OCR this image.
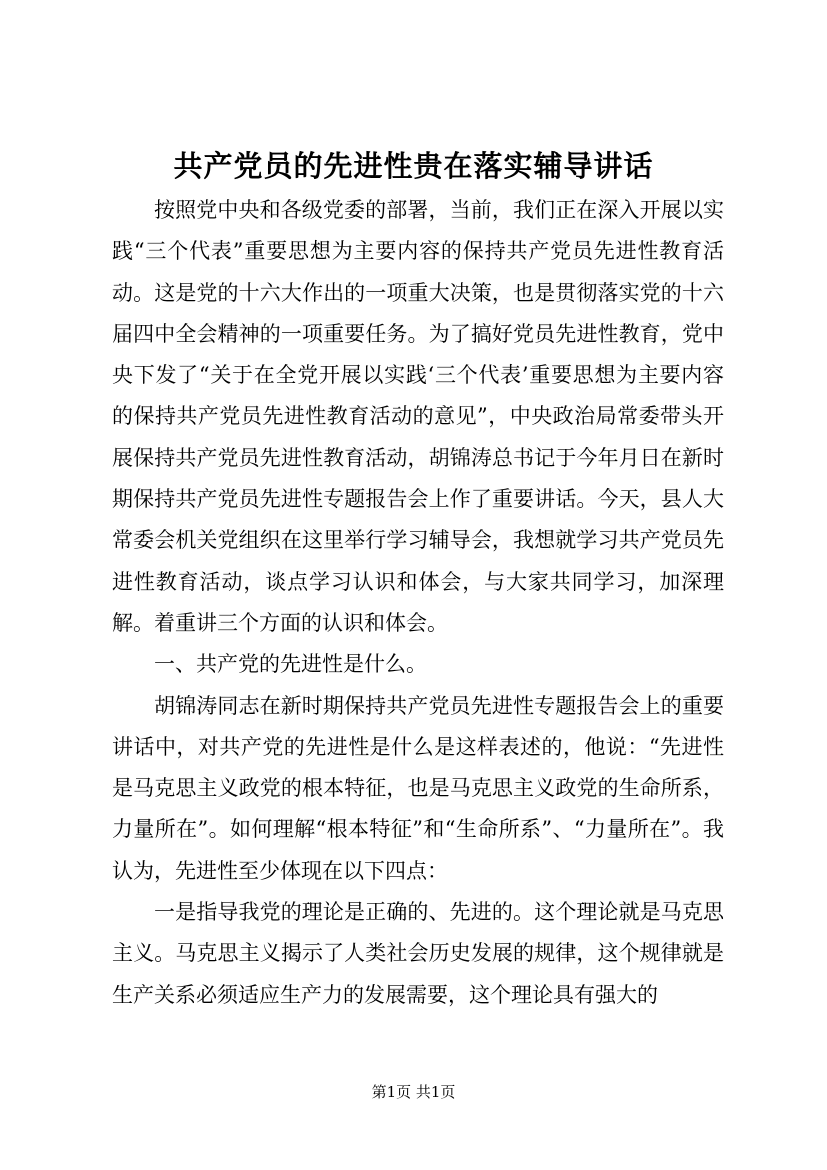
共产党员的先进性贵在落实辅导讲话

按照党中央和各级党委的部署，当前，我们正在深入开展以实践“三个代表”重要思想为主要内容的保持共产党员先进性教育活动。这是党的十六大作出的一项重大决策，也是贯彻落实党的十六届四中全会精神的一项重要任务。为了搞好党员先进性教育，党中央下发了“关于在全党开展以实践‘三个代表’重要思想为主要内容的保持共产党员先进性教育活动的意见”，中央政治局常委带头开展保持共产党员先进性教育活动，胡锦涛总书记于今年月日在新时期保持共产党员先进性专题报告会上作了重要讲话。今天，县人大常委会机关党组织在这里举行学习辅导会，我想就学习共产党员先进性教育活动，谈点学习认识和体会，与大家共同学习，加深理解。着重讲三个方面的认识和体会。

一、共产党的先进性是什么。

胡锦涛同志在新时期保持共产党员先进性专题报告会上的重要讲话中，对共产党的先进性是什么是这样表述的，他说：“先进性是马克思主义政党的根本特征，也是马克思主义政党的生命所系，力量所在”。如何理解“根本特征”和“生命所系”、“力量所在”。我认为，先进性至少体现在以下四点：

一是指导我党的理论是正确的、先进的。这个理论就是马克思主义。马克思主义揭示了人类社会历史发展的规律，这个规律就是生产关系必须适应生产力的发展需要，这个理论具有强大的

第1页 共1页
